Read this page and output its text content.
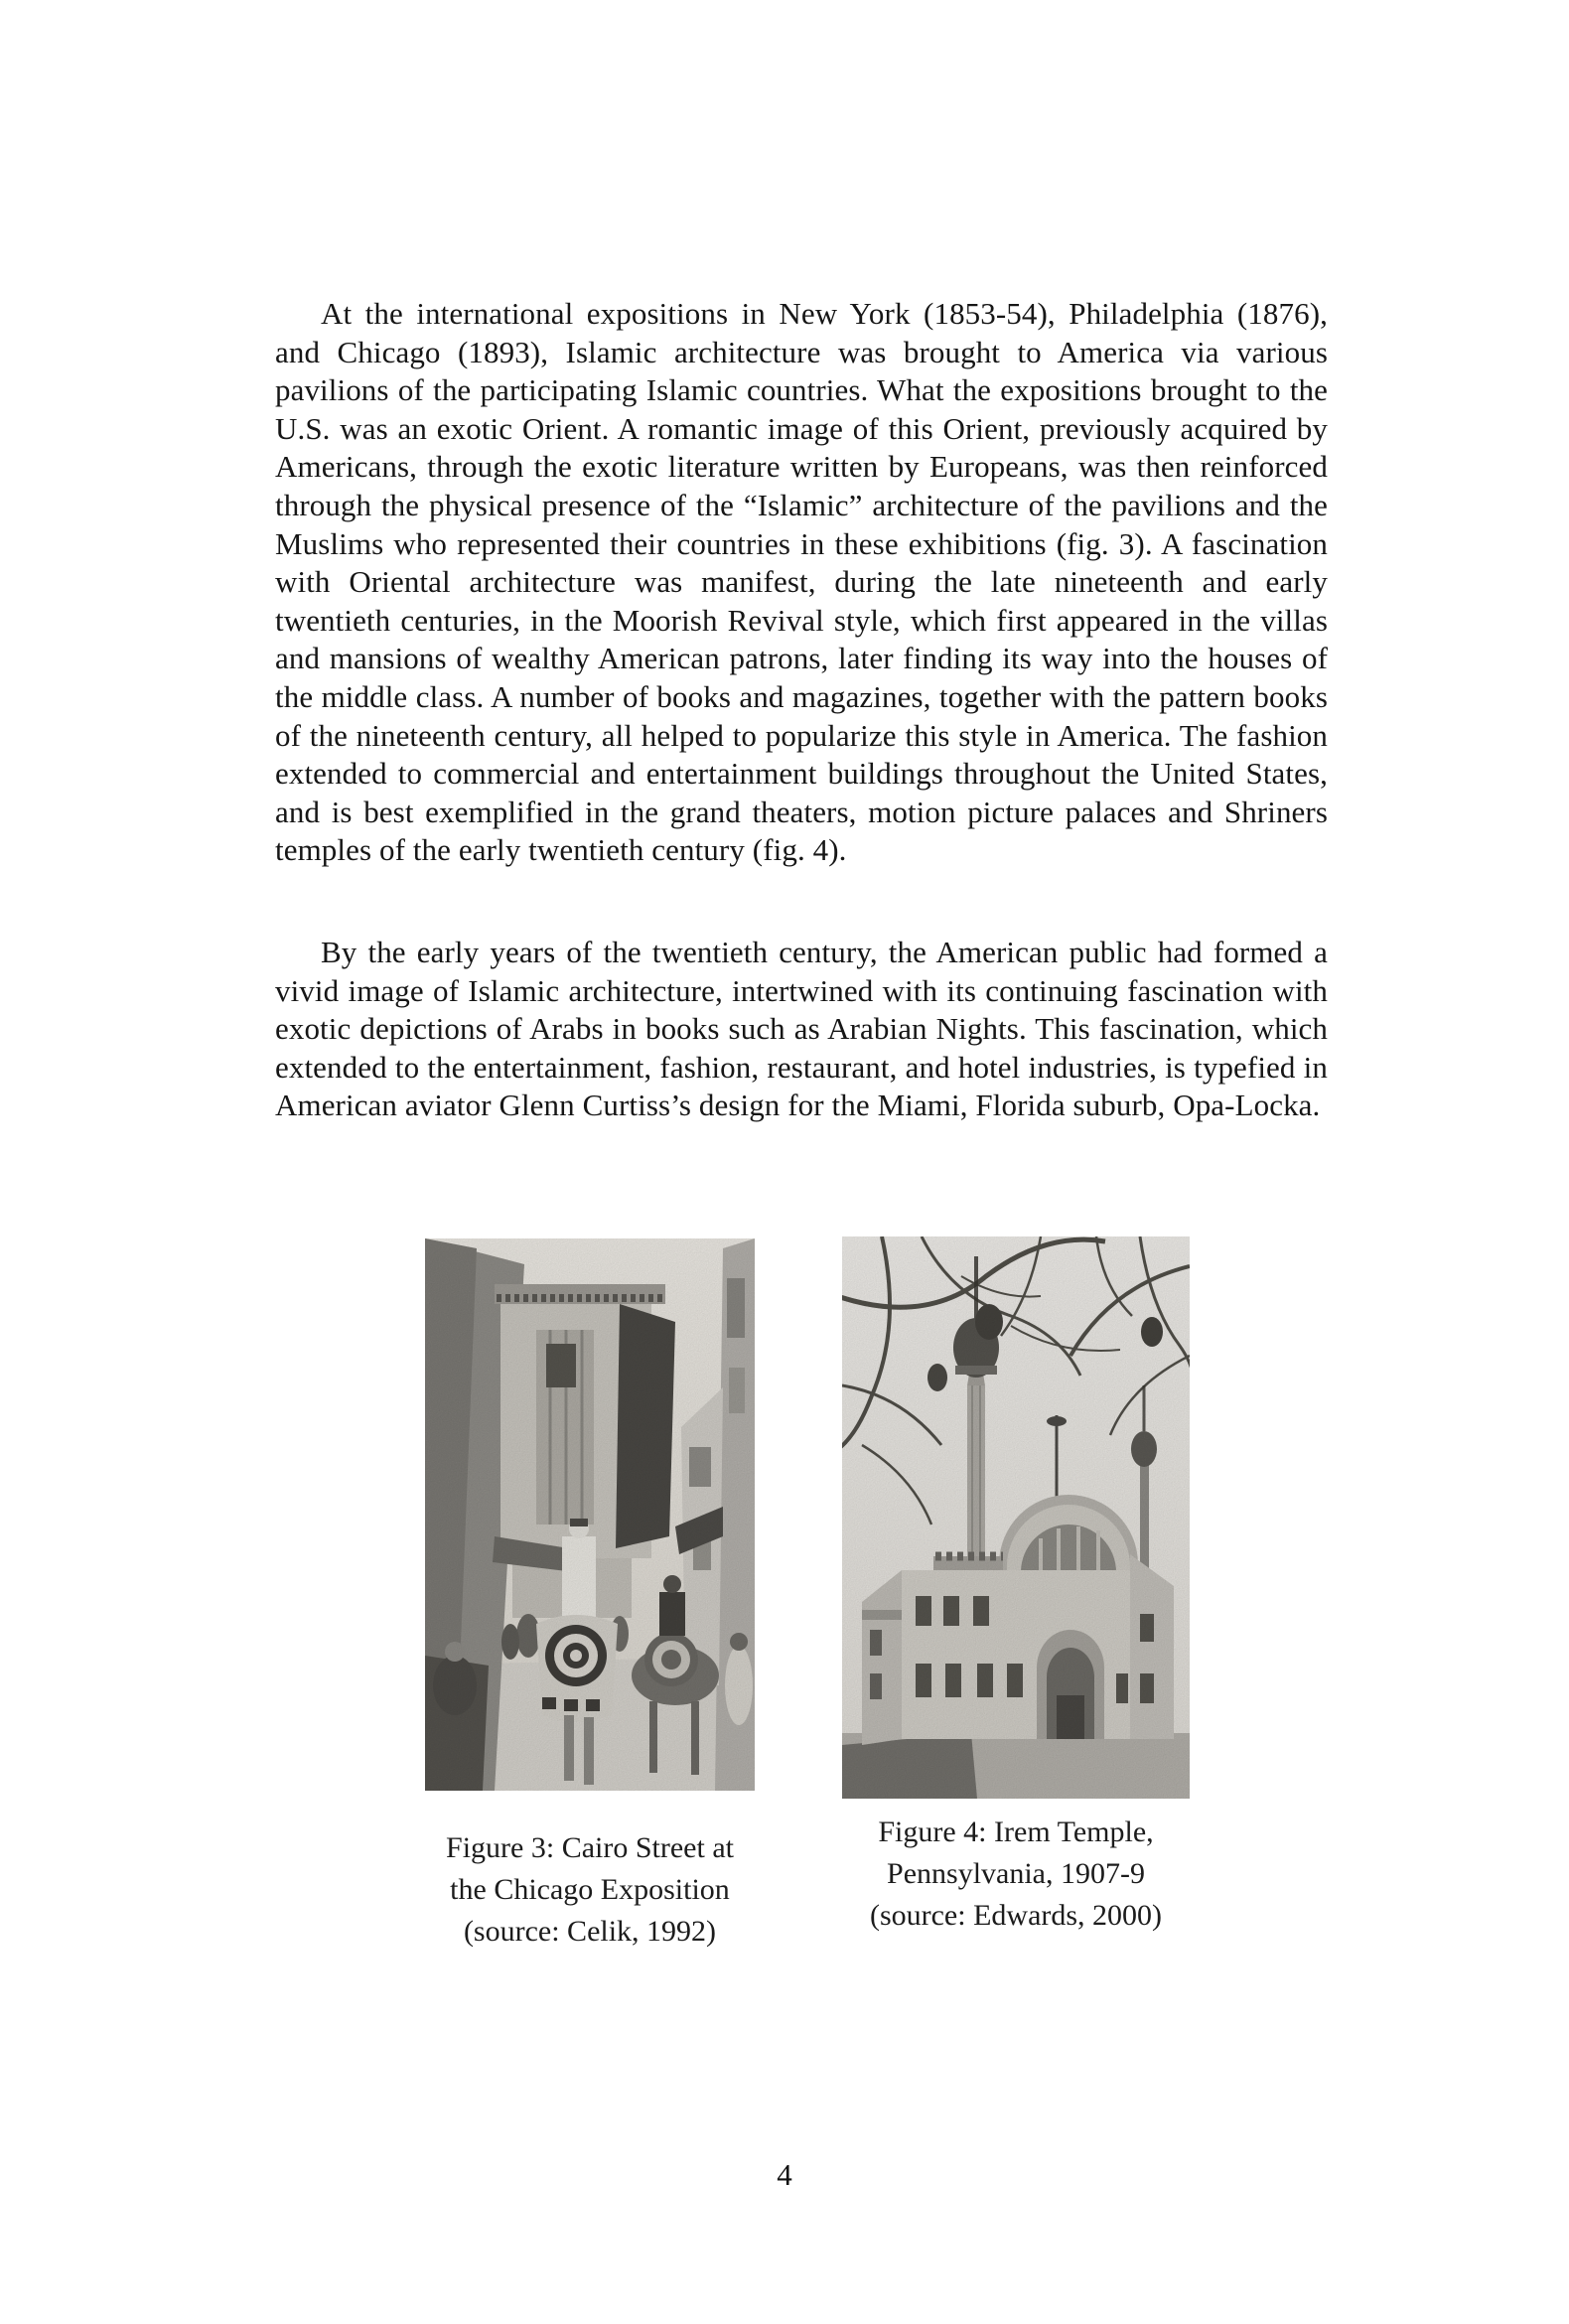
At the international expositions in New York (1853-54), Philadelphia (1876), and Chicago (1893), Islamic architecture was brought to America via various pavilions of the participating Islamic countries. What the expositions brought to the U.S. was an exotic Orient. A romantic image of this Orient, previously acquired by Americans, through the exotic literature written by Europeans, was then reinforced through the physical presence of the “Islamic” architecture of the pavilions and the Muslims who represented their countries in these exhibitions (fig. 3). A fascination with Oriental architecture was manifest, during the late nineteenth and early twentieth centuries, in the Moorish Revival style, which first appeared in the villas and mansions of wealthy American patrons, later finding its way into the houses of the middle class. A number of books and magazines, together with the pattern books of the nineteenth century, all helped to popularize this style in America. The fashion extended to commercial and entertainment buildings throughout the United States, and is best exemplified in the grand theaters, motion picture palaces and Shriners temples of the early twentieth century (fig. 4).

By the early years of the twentieth century, the American public had formed a vivid image of Islamic architecture, intertwined with its continuing fascination with exotic depictions of Arabs in books such as Arabian Nights. This fascination, which extended to the entertainment, fashion, restaurant, and hotel industries, is typefied in American aviator Glenn Curtiss’s design for the Miami, Florida suburb, Opa-Locka.

Figure 3: Cairo Street at
the Chicago Exposition
(source: Celik, 1992)
Figure 4: Irem Temple,
Pennsylvania, 1907-9
(source: Edwards, 2000)
4
